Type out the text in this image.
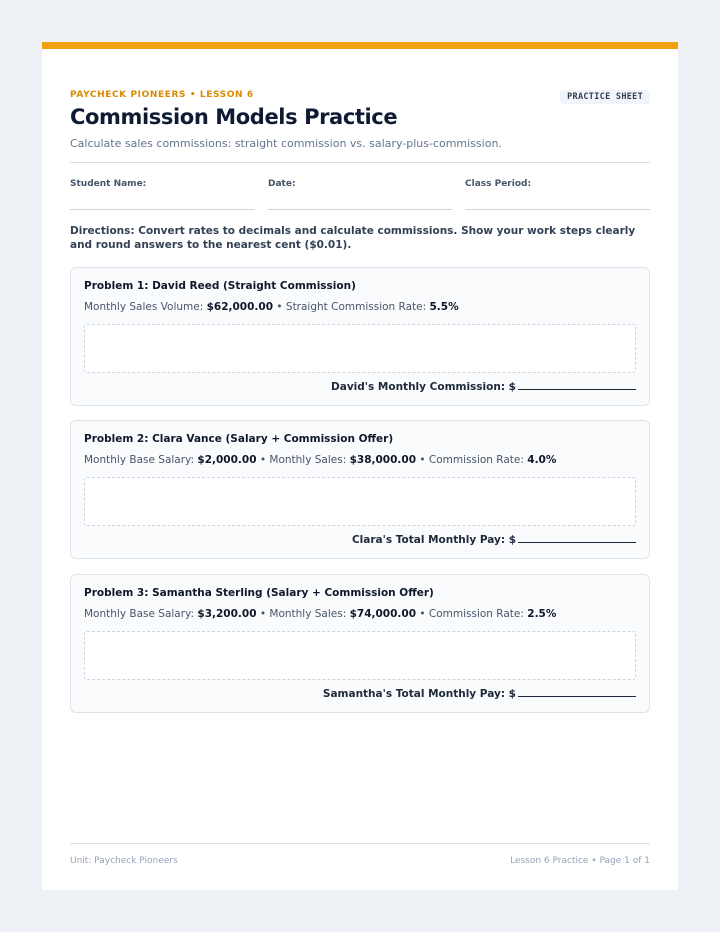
PAYCHECK PIONEERS • LESSON 6	PRACTICE SHEET
Commission Models Practice
Calculate sales commissions: straight commission vs. salary-plus-commission.
Student Name:	Date:	Class Period:
Directions: Convert rates to decimals and calculate commissions. Show your work steps clearly and round answers to the nearest cent ($0.01).
Problem 1: David Reed (Straight Commission)
Monthly Sales Volume: $62,000.00 • Straight Commission Rate: 5.5%
David's Monthly Commission: $
Problem 2: Clara Vance (Salary + Commission Offer)
Monthly Base Salary: $2,000.00 • Monthly Sales: $38,000.00 • Commission Rate: 4.0%
Clara's Total Monthly Pay: $
Problem 3: Samantha Sterling (Salary + Commission Offer)
Monthly Base Salary: $3,200.00 • Monthly Sales: $74,000.00 • Commission Rate: 2.5%
Samantha's Total Monthly Pay: $
Unit: Paycheck Pioneers	Lesson 6 Practice • Page 1 of 1
